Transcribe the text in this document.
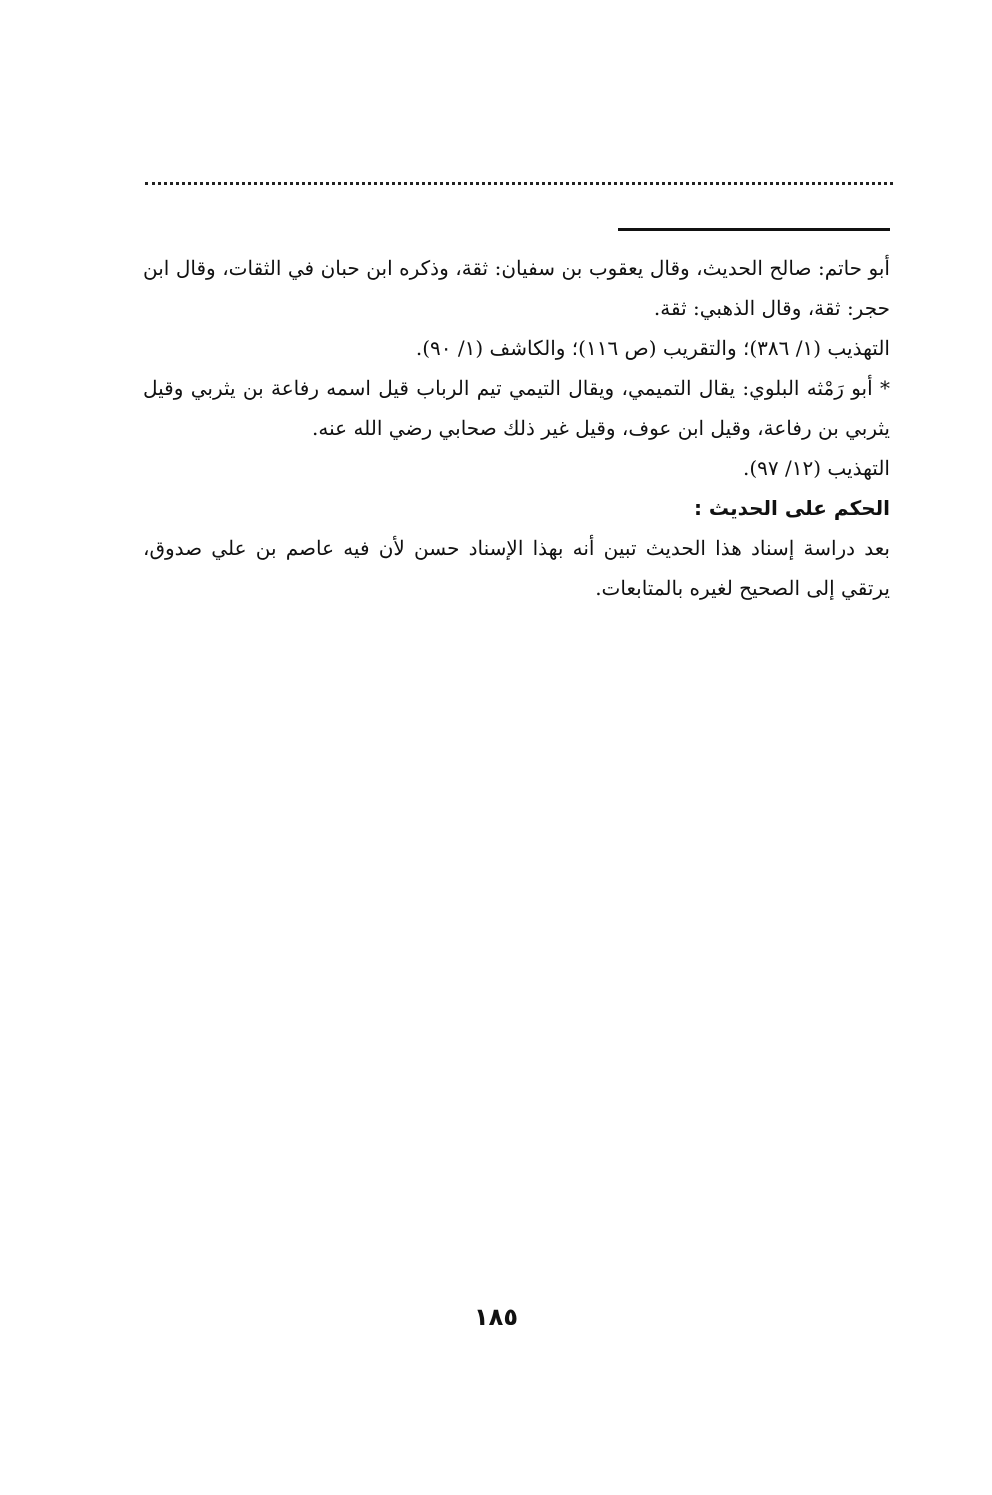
أبو حاتم: صالح الحديث، وقال يعقوب بن سفيان: ثقة، وذكره ابن حبان في الثقات، وقال ابن حجر: ثقة، وقال الذهبي: ثقة.

التهذيب (١/ ٣٨٦)؛ والتقريب (ص ١١٦)؛ والكاشف (١/ ٩٠).

* أبو رَمْثه البلوي: يقال التميمي، ويقال التيمي تيم الرباب قيل اسمه رفاعة بن يثربي وقيل يثربي بن رفاعة، وقيل ابن عوف، وقيل غير ذلك صحابي رضي الله عنه.

التهذيب (١٢/ ٩٧).

الحكم على الحديث :

بعد دراسة إسناد هذا الحديث تبين أنه بهذا الإسناد حسن لأن فيه عاصم بن علي صدوق، يرتقي إلى الصحيح لغيره بالمتابعات.

١٨٥
